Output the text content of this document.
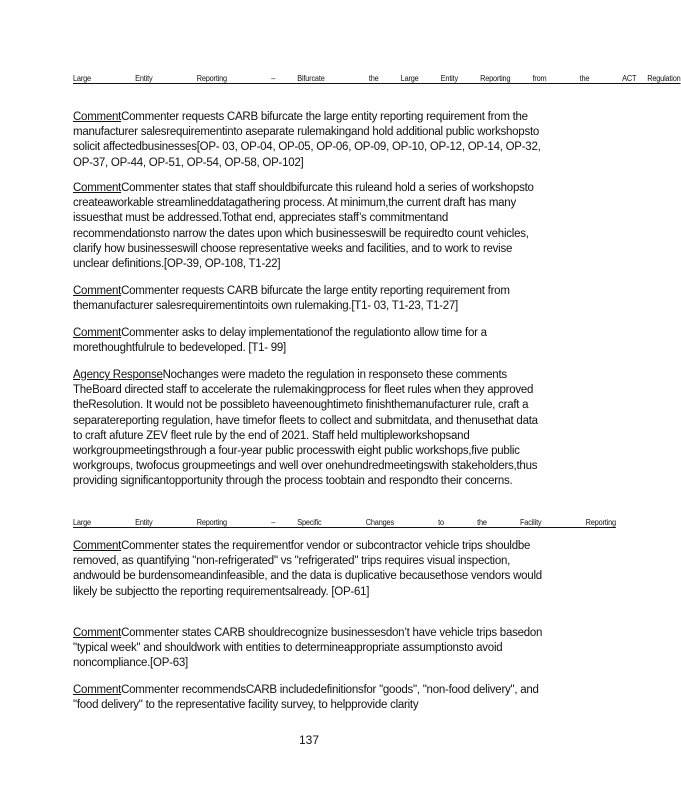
Large    Entity    Reporting    –  Bifurcate    the  Large  Entity  Reporting  from   the   ACT Regulation

CommentCommenter requests CARB bifurcate the large entity reporting requirement from the manufacturer salesrequirementinto aseparate rulemakingand hold additional public workshopsto solicit affectedbusinesses[OP- 03, OP-04, OP-05, OP-06, OP-09, OP-10, OP-12, OP-14, OP-32, OP-37, OP-44, OP-51, OP-54, OP-58, OP-102]

CommentCommenter states that staff shouldbifurcate this ruleand hold a series of workshopsto createaworkable streamlineddatagathering process. At minimum,the current draft has many issuesthat must be addressed.Tothat end, appreciates staff’s commitmentand recommendationsto narrow the dates upon which businesseswill be requiredto count vehicles, clarify how businesseswill choose representative weeks and facilities, and to work to revise unclear definitions.[OP-39, OP-108, T1-22]

CommentCommenter requests CARB bifurcate the large entity reporting requirement from themanufacturer salesrequirementintoits own rulemaking.[T1- 03, T1-23, T1-27]

CommentCommenter asks to delay implementationof the regulationto allow time for a morethoughtfulrule to bedeveloped. [T1- 99]

Agency ResponseNochanges were madeto the regulation in responseto these comments TheBoard directed staff to accelerate the rulemakingprocess for fleet rules when they approved theResolution. It would not be possibleto haveenoughtimeto finishthemanufacturer rule, craft a separatereporting regulation, have timefor fleets to collect and submitdata, and thenusethat data to craft afuture ZEV fleet rule by the end of 2021. Staff held multipleworkshopsand workgroupmeetingsthrough a four-year public processwith eight public workshops,five public workgroups, twofocus groupmeetings and well over onehundredmeetingswith stakeholders,thus providing significantopportunity through the process toobtain and respondto their concerns.

Large    Entity    Reporting    –  Specific    Changes    to   the   Facility    Reporting

CommentCommenter states the requirementfor vendor or subcontractor vehicle trips shouldbe removed, as quantifying "non-refrigerated" vs "refrigerated" trips requires visual inspection, andwould be burdensomeandinfeasible, and the data is duplicative becausethose vendors would likely be subjectto the reporting requirementsalready. [OP-61]

CommentCommenter states CARB shouldrecognize businessesdon’t have vehicle trips basedon "typical week" and shouldwork with entities to determineappropriate assumptionsto avoid noncompliance.[OP-63]

CommentCommenter recommendsCARB includedefinitionsfor "goods", "non-food delivery", and "food delivery" to the representative facility survey, to helpprovide clarity

137
